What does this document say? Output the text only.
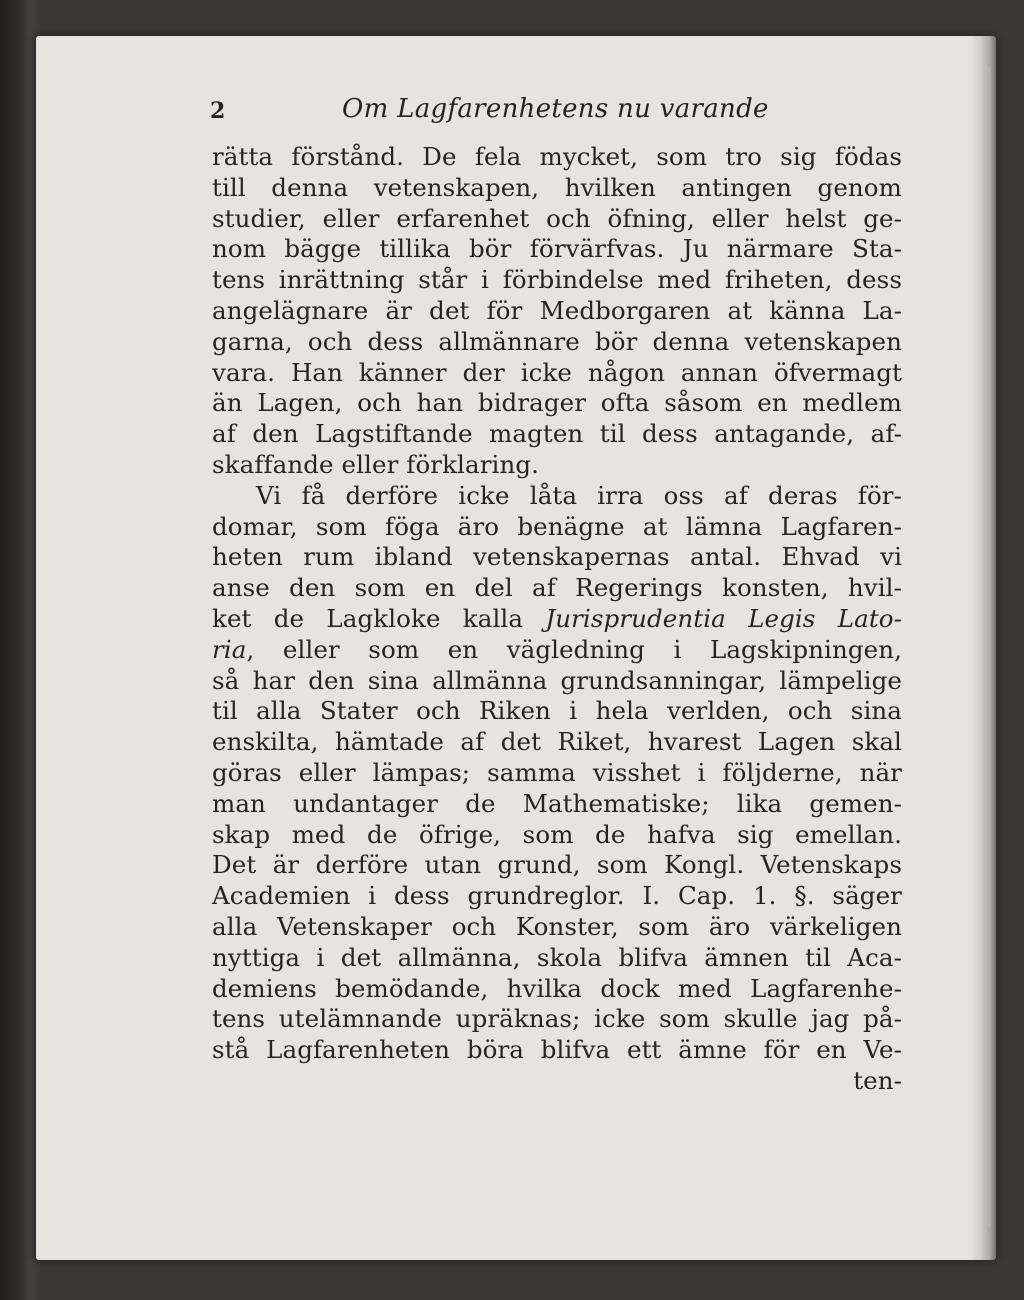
2	Om Lagfarenhetens nu varande
rätta förstånd. De fela mycket, som tro sig födas
till denna vetenskapen, hvilken antingen genom
studier, eller erfarenhet och öfning, eller helst ge-
nom bägge tillika bör förvärfvas. Ju närmare Sta-
tens inrättning står i förbindelse med friheten, dess
angelägnare är det för Medborgaren at känna La-
garna, och dess allmännare bör denna vetenskapen
vara. Han känner der icke någon annan öfvermagt
än Lagen, och han bidrager ofta såsom en medlem
af den Lagstiftande magten til dess antagande, af-
skaffande eller förklaring.
Vi få derföre icke låta irra oss af deras för-
domar, som föga äro benägne at lämna Lagfaren-
heten rum ibland vetenskapernas antal. Ehvad vi
anse den som en del af Regerings konsten, hvil-
ket de Lagkloke kalla Jurisprudentia Legis Lato-
ria, eller som en vägledning i Lagskipningen,
så har den sina allmänna grundsanningar, lämpelige
til alla Stater och Riken i hela verlden, och sina
enskilta, hämtade af det Riket, hvarest Lagen skal
göras eller lämpas; samma visshet i följderne, när
man undantager de Mathematiske; lika gemen-
skap med de öfrige, som de hafva sig emellan.
Det är derföre utan grund, som Kongl. Vetenskaps
Academien i dess grundreglor. I. Cap. 1. §. säger
alla Vetenskaper och Konster, som äro värkeligen
nyttiga i det allmänna, skola blifva ämnen til Aca-
demiens bemödande, hvilka dock med Lagfarenhe-
tens utelämnande upräknas; icke som skulle jag på-
stå Lagfarenheten böra blifva ett ämne för en Ve-
ten-
